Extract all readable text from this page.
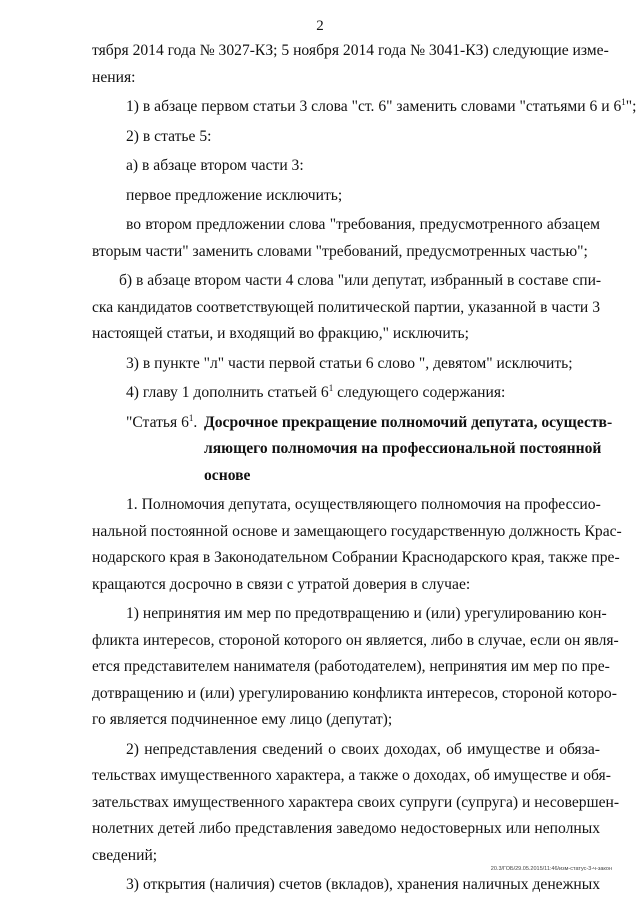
2
тября 2014 года № 3027-КЗ; 5 ноября 2014 года № 3041-КЗ) следующие изме-
нения:
1) в абзаце первом статьи 3 слова "ст. 6" заменить словами "статьями 6 и $6^1$";
2) в статье 5:
а) в абзаце втором части 3:
первое предложение исключить;
во втором предложении слова "требования, предусмотренного абзацем
вторым части" заменить словами "требований, предусмотренных частью";
б) в абзаце втором части 4 слова "или депутат, избранный в составе спи-
ска кандидатов соответствующей политической партии, указанной в части 3
настоящей статьи, и входящий во фракцию," исключить;
3) в пункте "л" части первой статьи 6 слово ", девятом" исключить;
4) главу 1 дополнить статьей $6^1$ следующего содержания:
"Статья $6^1$. Досрочное прекращение полномочий депутата, осуществ-
ляющего полномочия на профессиональной постоянной
основе
1. Полномочия депутата, осуществляющего полномочия на профессио-
нальной постоянной основе и замещающего государственную должность Крас-
нодарского края в Законодательном Собрании Краснодарского края, также пре-
кращаются досрочно в связи с утратой доверия в случае:
1) непринятия им мер по предотвращению и (или) урегулированию кон-
фликта интересов, стороной которого он является, либо в случае, если он явля-
ется представителем нанимателя (работодателем), непринятия им мер по пре-
дотвращению и (или) урегулированию конфликта интересов, стороной которо-
го является подчиненное ему лицо (депутат);
2) непредставления сведений о своих доходах, об имуществе и обяза-
тельствах имущественного характера, а также о доходах, об имуществе и обя-
зательствах имущественного характера своих супруги (супруга) и несовершен-
нолетних детей либо представления заведомо недостоверных или неполных
сведений;
3) открытия (наличия) счетов (вкладов), хранения наличных денежных
20.3/ГОБ/29.05.2015/11:46/изм-статус-3-ч-закон
